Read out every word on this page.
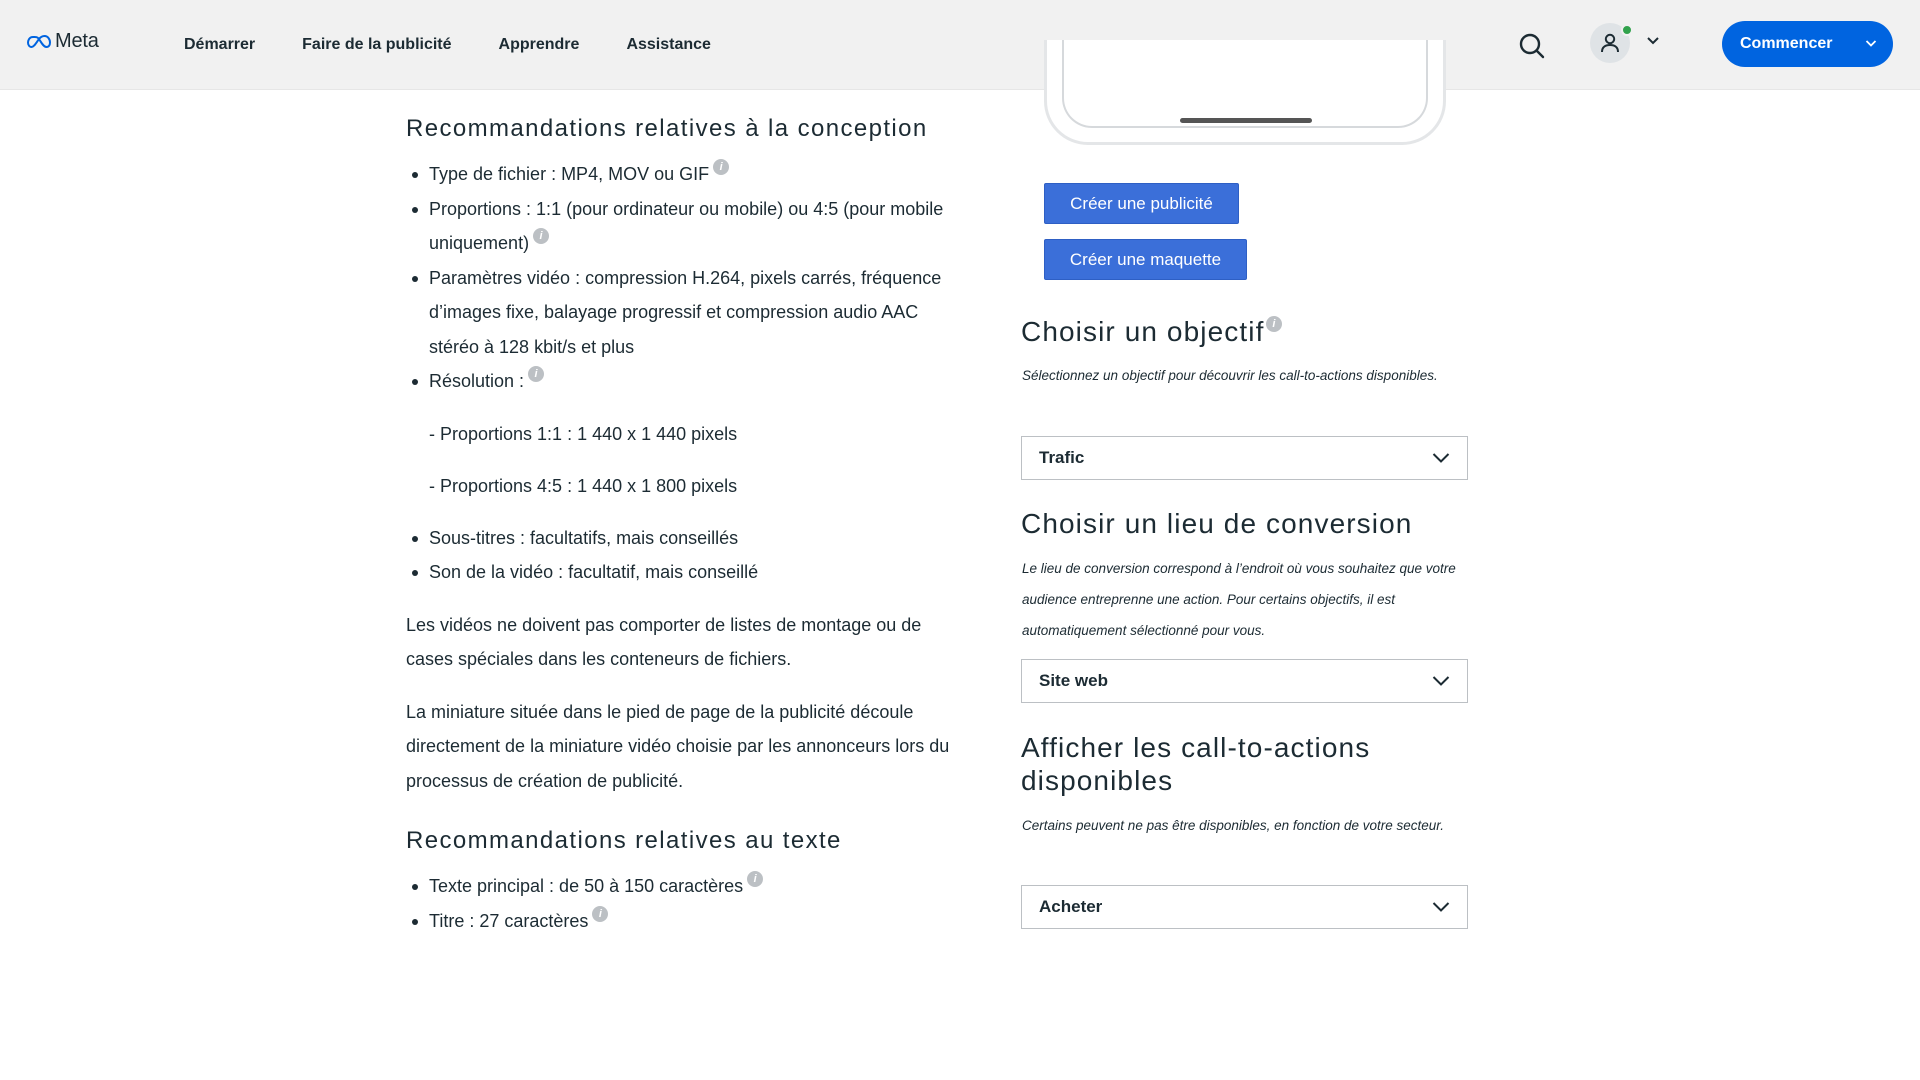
Meta	Démarrer	Faire de la publicité	Apprendre	Assistance	Commencer
Recommandations relatives à la conception
Type de fichier : MP4, MOV ou GIF i
Proportions : 1:1 (pour ordinateur ou mobile) ou 4:5 (pour mobile uniquement) i
Paramètres vidéo : compression H.264, pixels carrés, fréquence d’images fixe, balayage progressif et compression audio AAC stéréo à 128 kbit/s et plus
Résolution : i
- Proportions 1:1 : 1 440 x 1 440 pixels
- Proportions 4:5 : 1 440 x 1 800 pixels
Sous-titres : facultatifs, mais conseillés
Son de la vidéo : facultatif, mais conseillé

Les vidéos ne doivent pas comporter de listes de montage ou de cases spéciales dans les conteneurs de fichiers.

La miniature située dans le pied de page de la publicité découle directement de la miniature vidéo choisie par les annonceurs lors du processus de création de publicité.

Recommandations relatives au texte
Texte principal : de 50 à 150 caractères i
Titre : 27 caractères i
Créer une publicité
Créer une maquette
Choisir un objectif i

Sélectionnez un objectif pour découvrir les call-to-actions disponibles.

Trafic
Choisir un lieu de conversion

Le lieu de conversion correspond à l’endroit où vous souhaitez que votre audience entreprenne une action. Pour certains objectifs, il est automatiquement sélectionné pour vous.

Site web
Afficher les call-to-actions disponibles

Certains peuvent ne pas être disponibles, en fonction de votre secteur.

Acheter
